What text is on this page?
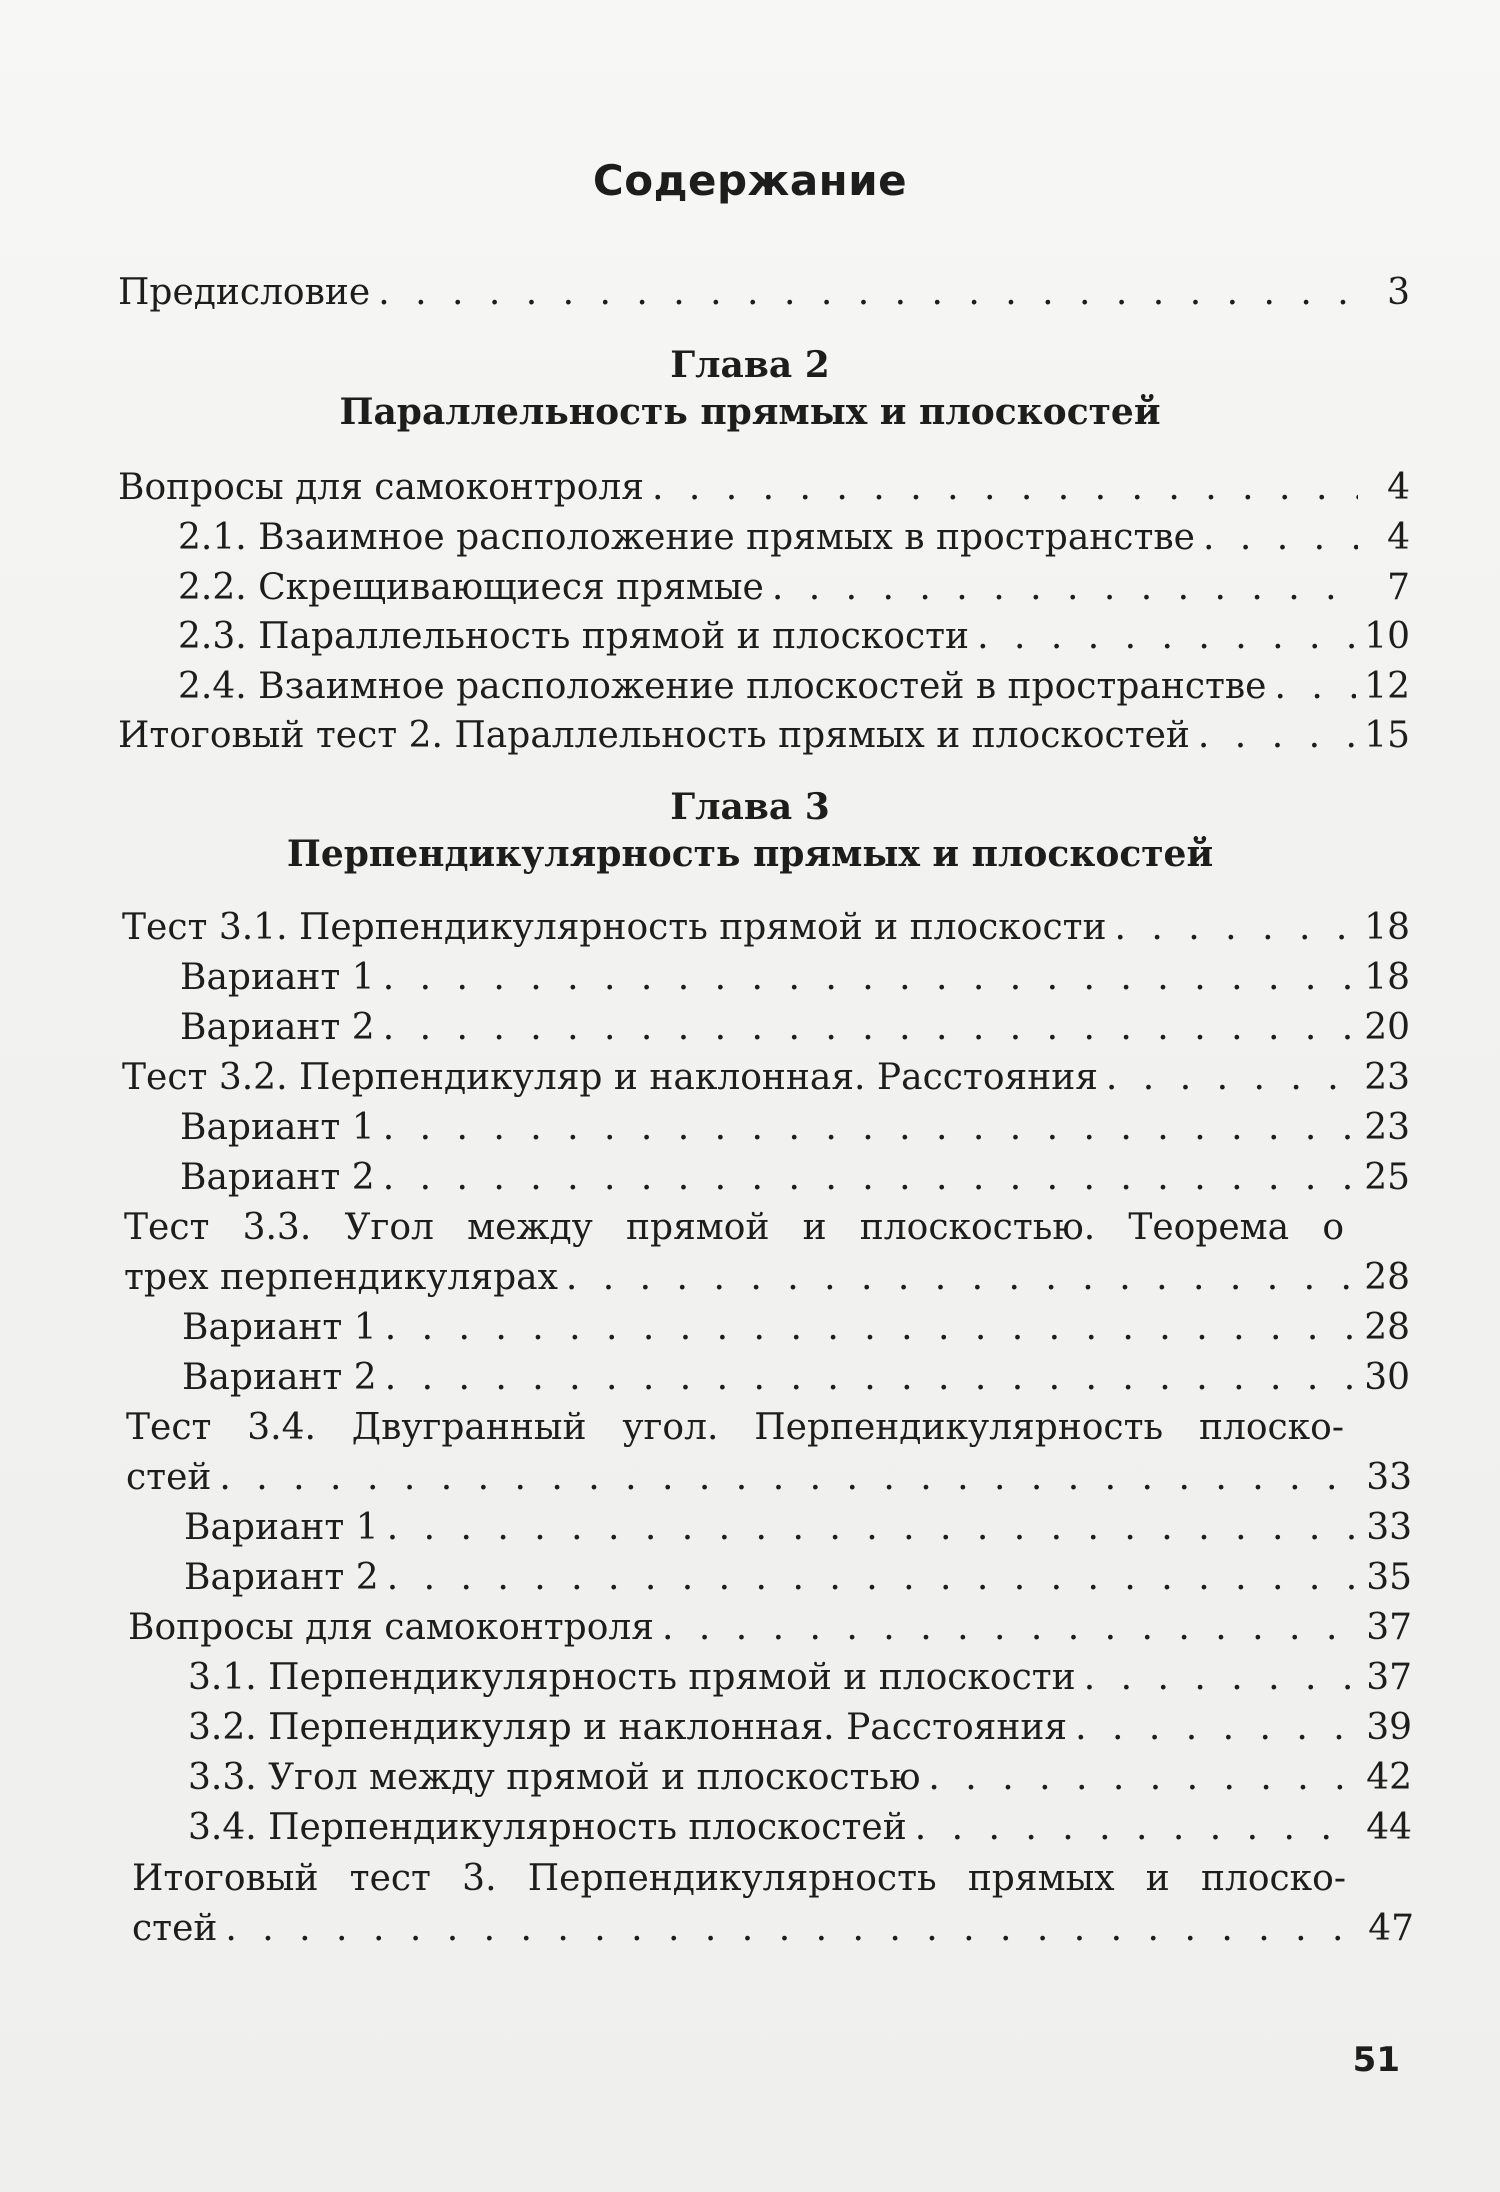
Содержание
Предисловие . . .	3
Глава 2
Параллельность прямых и плоскостей
Вопросы для самоконтроля . . .	4
2.1. Взаимное расположение прямых в пространстве . . .	4
2.2. Скрещивающиеся прямые . . .	7
2.3. Параллельность прямой и плоскости . . .	10
2.4. Взаимное расположение плоскостей в пространстве . . .	12
Итоговый тест 2. Параллельность прямых и плоскостей . . .	15
Глава 3
Перпендикулярность прямых и плоскостей
Тест 3.1. Перпендикулярность прямой и плоскости . . .	18
Вариант 1 . . .	18
Вариант 2 . . .	20
Тест 3.2. Перпендикуляр и наклонная. Расстояния . . .	23
Вариант 1 . . .	23
Вариант 2 . . .	25
Тест 3.3. Угол между прямой и плоскостью. Теорема о
трех перпендикулярах . . .	28
Вариант 1 . . .	28
Вариант 2 . . .	30
Тест 3.4. Двугранный угол. Перпендикулярность плоско-
стей . . .	33
Вариант 1 . . .	33
Вариант 2 . . .	35
Вопросы для самоконтроля . . .	37
3.1. Перпендикулярность прямой и плоскости . . .	37
3.2. Перпендикуляр и наклонная. Расстояния . . .	39
3.3. Угол между прямой и плоскостью . . .	42
3.4. Перпендикулярность плоскостей . . .	44
Итоговый тест 3. Перпендикулярность прямых и плоско-
стей . . .	47
51
